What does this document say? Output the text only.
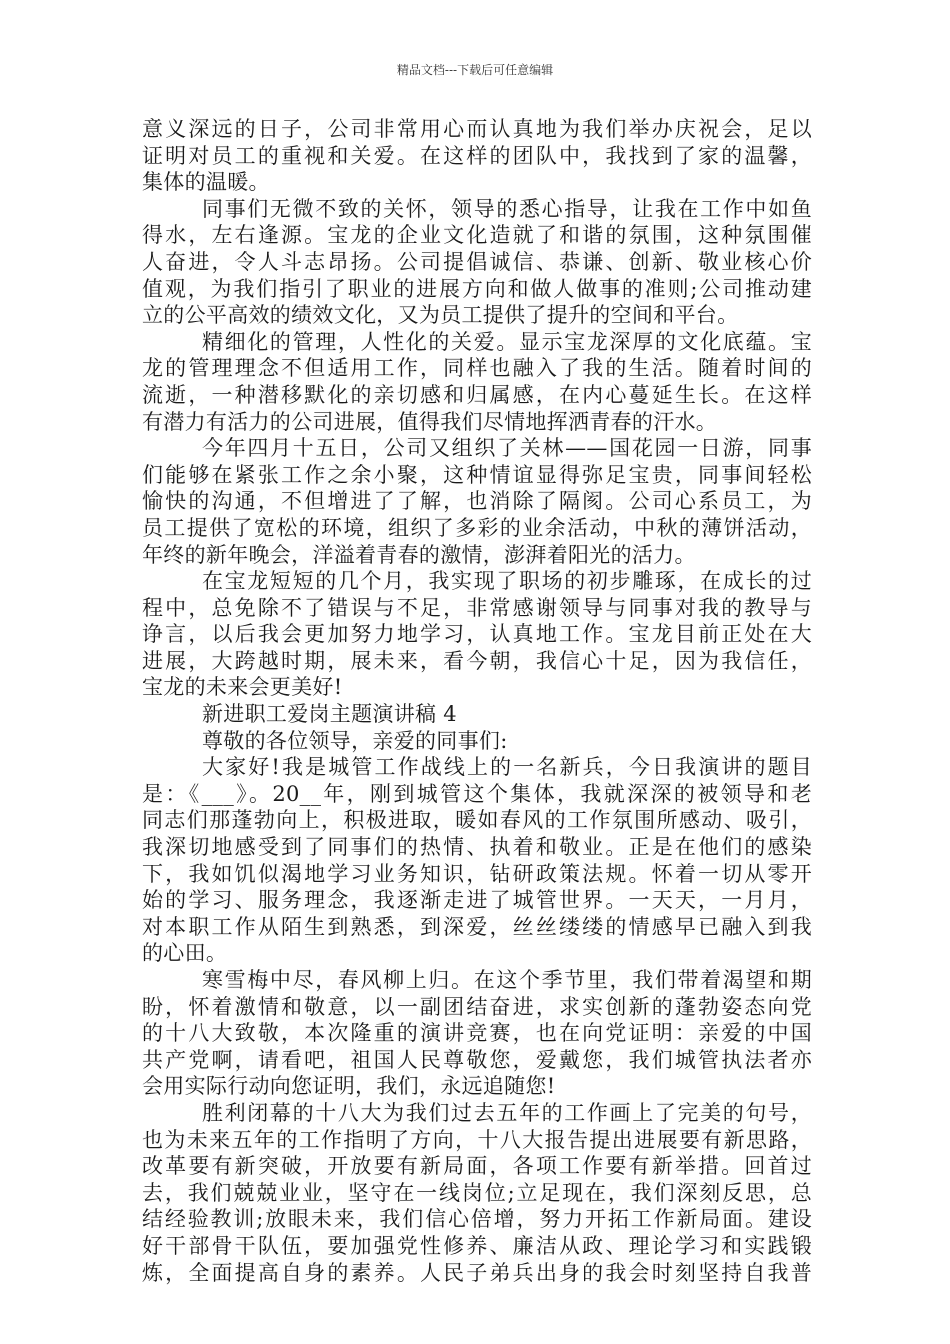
精品文档---下载后可任意编辑
意义深远的日子，公司非常用心而认真地为我们举办庆祝会，足以
证明对员工的重视和关爱。在这样的团队中，我找到了家的温馨，
集体的温暖。
同事们无微不致的关怀，领导的悉心指导，让我在工作中如鱼
得水，左右逢源。宝龙的企业文化造就了和谐的氛围，这种氛围催
人奋进，令人斗志昂扬。公司提倡诚信、恭谦、创新、敬业核心价
值观，为我们指引了职业的进展方向和做人做事的准则;公司推动建
立的公平高效的绩效文化，又为员工提供了提升的空间和平台。
精细化的管理，人性化的关爱。显示宝龙深厚的文化底蕴。宝
龙的管理理念不但适用工作，同样也融入了我的生活。随着时间的
流逝，一种潜移默化的亲切感和归属感，在内心蔓延生长。在这样
有潜力有活力的公司进展，值得我们尽情地挥洒青春的汗水。
今年四月十五日，公司又组织了关林——国花园一日游，同事
们能够在紧张工作之余小聚，这种情谊显得弥足宝贵，同事间轻松
愉快的沟通，不但增进了了解，也消除了隔阂。公司心系员工，为
员工提供了宽松的环境，组织了多彩的业余活动，中秋的薄饼活动，
年终的新年晚会，洋溢着青春的激情，澎湃着阳光的活力。
在宝龙短短的几个月，我实现了职场的初步雕琢，在成长的过
程中，总免除不了错误与不足，非常感谢领导与同事对我的教导与
诤言，以后我会更加努力地学习，认真地工作。宝龙目前正处在大
进展，大跨越时期，展未来，看今朝，我信心十足，因为我信任，
宝龙的未来会更美好!
新进职工爱岗主题演讲稿 4
尊敬的各位领导，亲爱的同事们:
大家好!我是城管工作战线上的一名新兵，今日我演讲的题目
是：《___》。20__年，刚到城管这个集体，我就深深的被领导和老
同志们那蓬勃向上，积极进取，暖如春风的工作氛围所感动、吸引，
我深切地感受到了同事们的热情、执着和敬业。正是在他们的感染
下，我如饥似渴地学习业务知识，钻研政策法规。怀着一切从零开
始的学习、服务理念，我逐渐走进了城管世界。一天天，一月月，
对本职工作从陌生到熟悉，到深爱，丝丝缕缕的情感早已融入到我
的心田。
寒雪梅中尽，春风柳上归。在这个季节里，我们带着渴望和期
盼，怀着激情和敬意，以一副团结奋进，求实创新的蓬勃姿态向党
的十八大致敬，本次隆重的演讲竞赛，也在向党证明：亲爱的中国
共产党啊，请看吧，祖国人民尊敬您，爱戴您，我们城管执法者亦
会用实际行动向您证明，我们，永远追随您!
胜利闭幕的十八大为我们过去五年的工作画上了完美的句号，
也为未来五年的工作指明了方向，十八大报告提出进展要有新思路，
改革要有新突破，开放要有新局面，各项工作要有新举措。回首过
去，我们兢兢业业，坚守在一线岗位;立足现在，我们深刻反思，总
结经验教训;放眼未来，我们信心倍增，努力开拓工作新局面。建设
好干部骨干队伍，要加强党性修养、廉洁从政、理论学习和实践锻
炼，全面提高自身的素养。人民子弟兵出身的我会时刻坚持自我普
